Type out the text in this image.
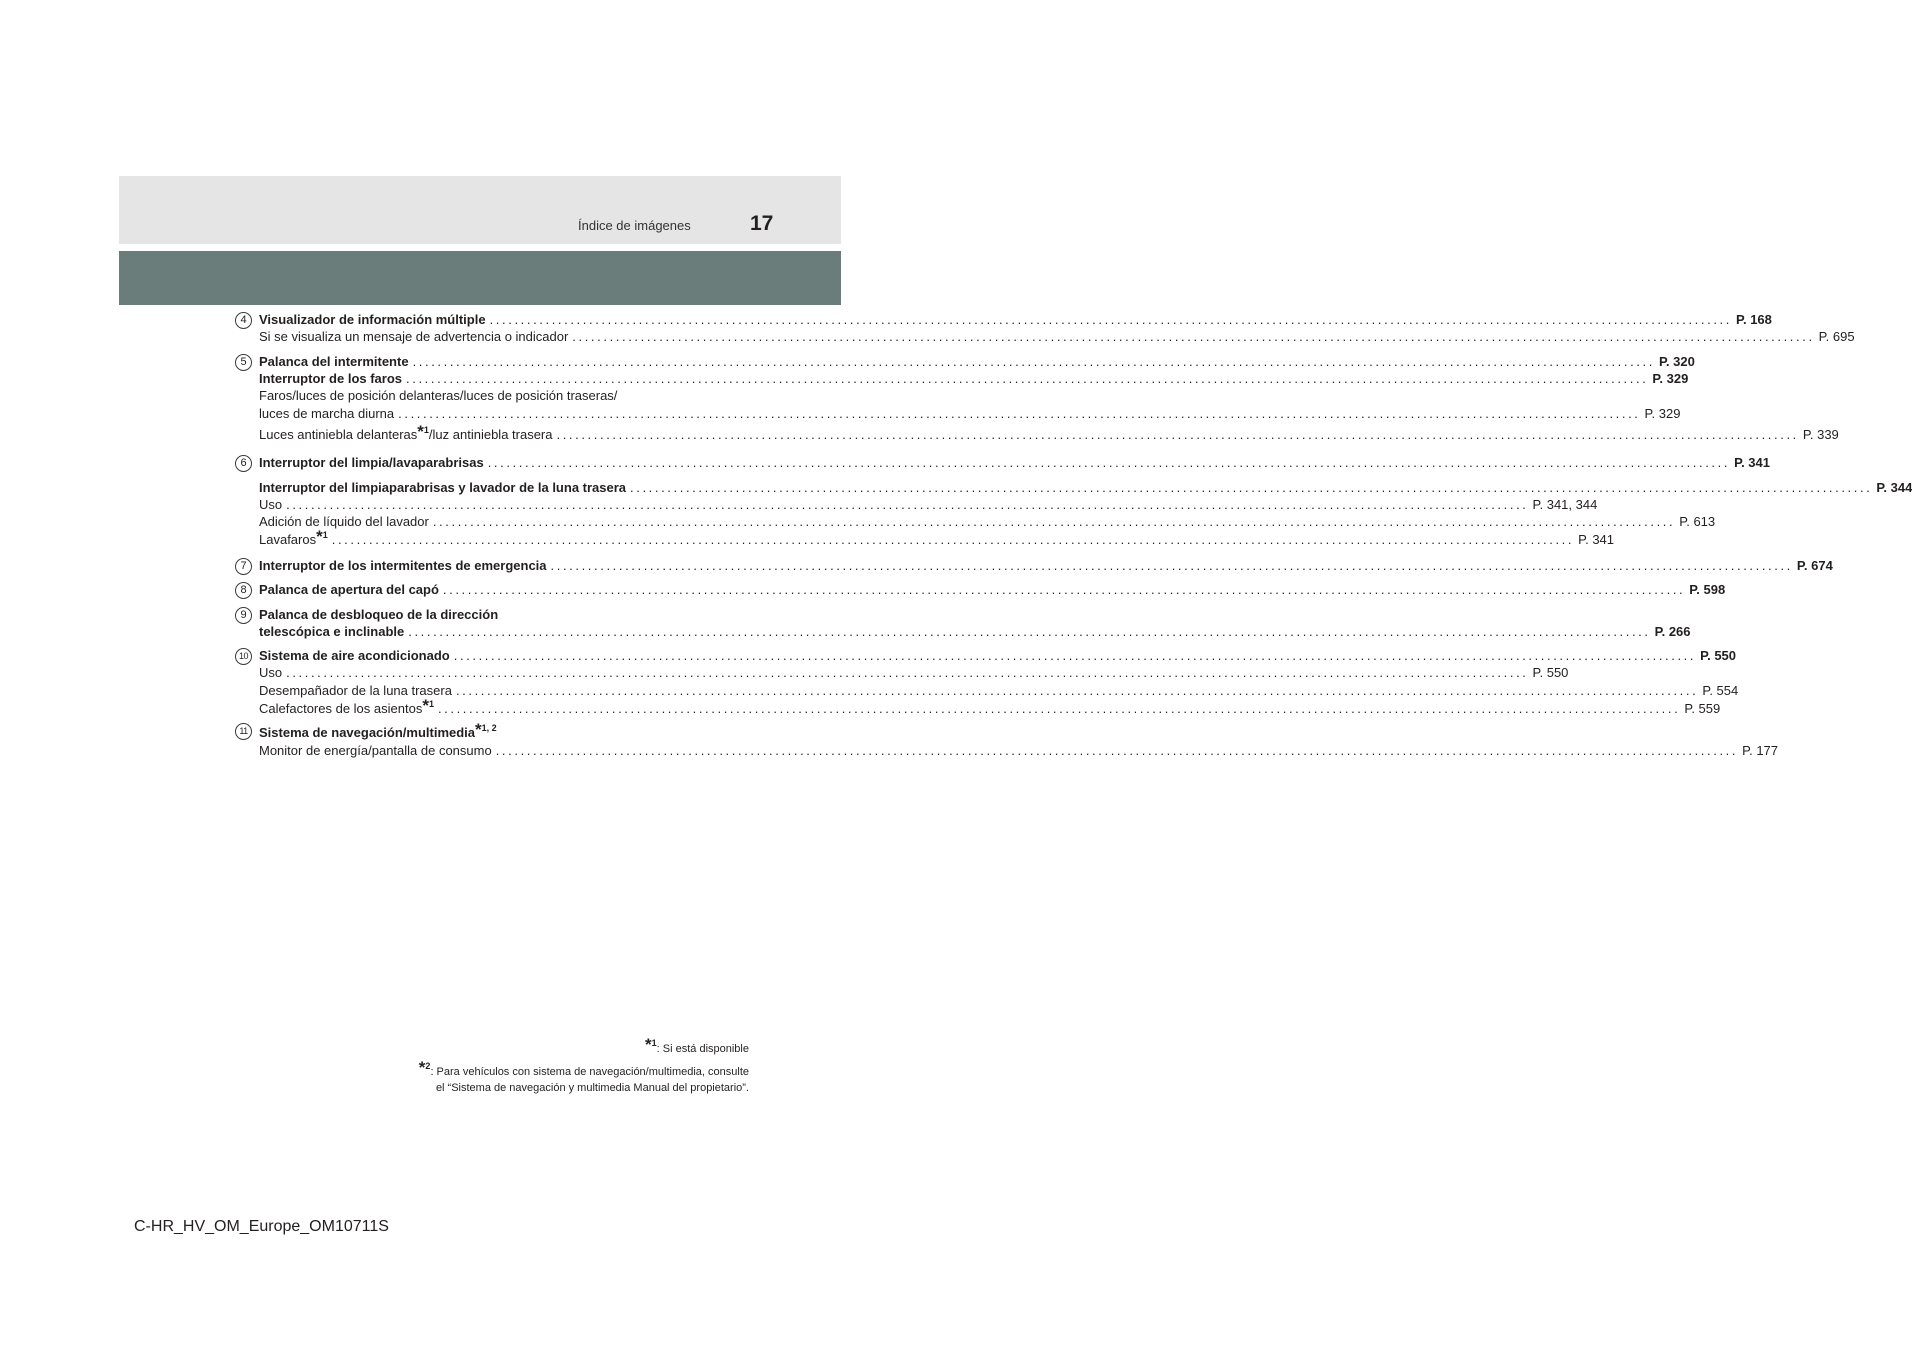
Índice de imágenes	17
4 Visualizador de información múltiple ........................................................................................................................................................................................................ P. 168
Si se visualiza un mensaje de advertencia o indicador ........................................................................................................................................................................................................ P. 695
5 Palanca del intermitente ........................................................................................................................................................................................................ P. 320
Interruptor de los faros ........................................................................................................................................................................................................ P. 329
Faros/luces de posición delanteras/luces de posición traseras/
luces de marcha diurna ........................................................................................................................................................................................................ P. 329
Luces antiniebla delanteras$^{*1}$/luz antiniebla trasera ........................................................................................................................................................................................................ P. 339
6 Interruptor del limpia/lavaparabrisas ........................................................................................................................................................................................................ P. 341
Interruptor del limpiaparabrisas y lavador de la luna trasera ........................................................................................................................................................................................................ P. 344
Uso ........................................................................................................................................................................................................ P. 341, 344
Adición de líquido del lavador ........................................................................................................................................................................................................ P. 613
Lavafaros$^{*1}$ ........................................................................................................................................................................................................ P. 341
7 Interruptor de los intermitentes de emergencia ........................................................................................................................................................................................................ P. 674
8 Palanca de apertura del capó ........................................................................................................................................................................................................ P. 598
9 Palanca de desbloqueo de la dirección
telescópica e inclinable ........................................................................................................................................................................................................ P. 266
10 Sistema de aire acondicionado ........................................................................................................................................................................................................ P. 550
Uso ........................................................................................................................................................................................................ P. 550
Desempañador de la luna trasera ........................................................................................................................................................................................................ P. 554
Calefactores de los asientos$^{*1}$ ........................................................................................................................................................................................................ P. 559
11 Sistema de navegación/multimedia$^{*1, 2}$
Monitor de energía/pantalla de consumo ........................................................................................................................................................................................................ P. 177
$^{*1}$: Si está disponible
$^{*2}$: Para vehículos con sistema de navegación/multimedia, consulte
el “Sistema de navegación y multimedia Manual del propietario”.
C-HR_HV_OM_Europe_OM10711S
